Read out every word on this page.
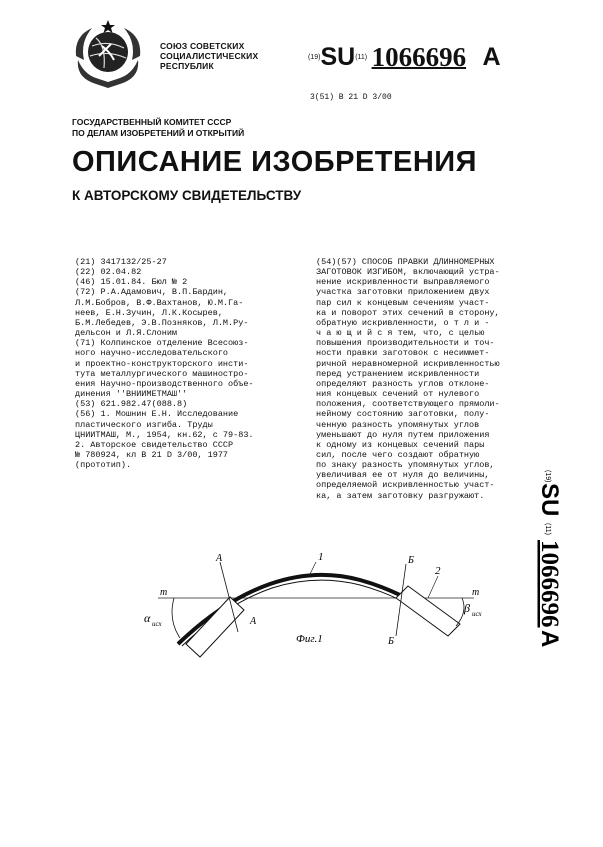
СОЮЗ СОВЕТСКИХ
СОЦИАЛИСТИЧЕСКИХ
РЕСПУБЛИК
(19)SU(11) 1066696 A
3(51) В 21 D 3/00
ГОСУДАРСТВЕННЫЙ КОМИТЕТ СССР
ПО ДЕЛАМ ИЗОБРЕТЕНИЙ И ОТКРЫТИЙ
ОПИСАНИЕ ИЗОБРЕТЕНИЯ
К АВТОРСКОМУ СВИДЕТЕЛЬСТВУ
(21) 3417132/25-27
(22) 02.04.82
(46) 15.01.84. Бюл № 2
(72) Р.А.Адамович, В.П.Бардин,
Л.М.Бобров, В.Ф.Вахтанов, Ю.М.Га-
неев, Е.Н.Зучин, Л.К.Косырев,
Б.М.Лебедев, Э.В.Позняков, Л.М.Ру-
дельсон и Л.Я.Слоним
(71) Колпинское отделение Всесоюз-
ного научно-исследовательского
и проектно-конструкторского инсти-
тута металлургического машиностро-
ения Научно-производственного объе-
динения ''ВНИИМЕТМАШ''
(53) 621.982.47(088.8)
(56) 1. Мошнин Е.Н. Исследование
пластического изгиба. Труды
ЦНИИТМАШ, М., 1954, кн.62, с 79-83.
2. Авторское свидетельство СССР
№ 780924, кл B 21 D 3/00, 1977
(прототип).
(54)(57) СПОСОБ ПРАВКИ ДЛИННОМЕРНЫХ
ЗАГОТОВОК ИЗГИБОМ, включающий устра-
нение искривленности выправляемого
участка заготовки приложением двух
пар сил к концевым сечениям участ-
ка и поворот этих сечений в сторону,
обратную искривленности, о т л и -
ч а ю щ и й с я тем, что, с целью
повышения производительности и точ-
ности правки заготовок с несиммет-
ричной неравномерной искривленностью
перед устранением искривленности
определяют разность углов отклоне-
ния концевых сечений от нулевого
положения, соответствующего прямоли-
нейному состоянию заготовки, полу-
ченную разность упомянутых углов
уменьшают до нуля путем приложения
к одному из концевых сечений пары
сил, после чего создают обратную
по знаку разность упомянутых углов,
увеличивая ее от нуля до величины,
определяемой искривленностью участ-
ка, а затем заготовку разгружают.
(19)
SU
(11)
1066696
A
1
2
А
А
Б
Б
m	m
α исх
β исх
Фиг.1
